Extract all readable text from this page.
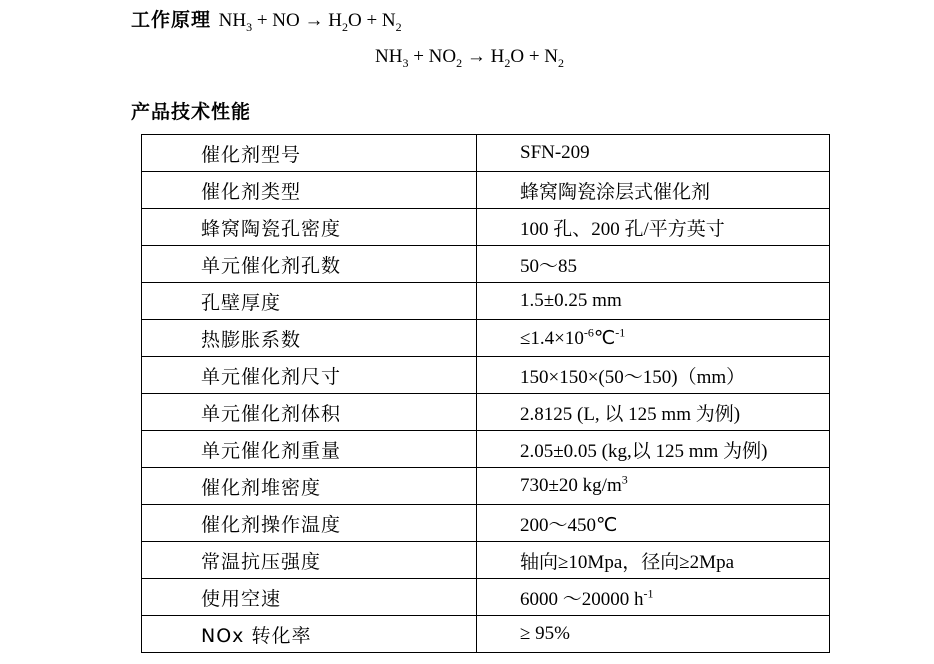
工作原理 $NH_3$ + NO → $H_2O + N_2$
$NH_3 + NO_2 \to H_2O + N_2$
产品技术性能
催化剂型号	SFN-209
催化剂类型	蜂窝陶瓷涂层式催化剂
蜂窝陶瓷孔密度	100 孔、200 孔/平方英寸
单元催化剂孔数	50～85
孔壁厚度	1.5±0.25 mm
热膨胀系数	$\le 1.4\times 10^{-6}℃^{-1}$
单元催化剂尺寸	150×150×(50～150)（mm）
单元催化剂体积	2.8125 (L, 以 125 mm 为例)
单元催化剂重量	2.05±0.05 (kg,以 125 mm 为例)
催化剂堆密度	730±20 $kg/m^3$
催化剂操作温度	200～450℃
常温抗压强度	轴向≥10Mpa，径向≥2Mpa
使用空速	6000 ～20000 $h^{-1}$
NOx 转化率	≥ 95%
